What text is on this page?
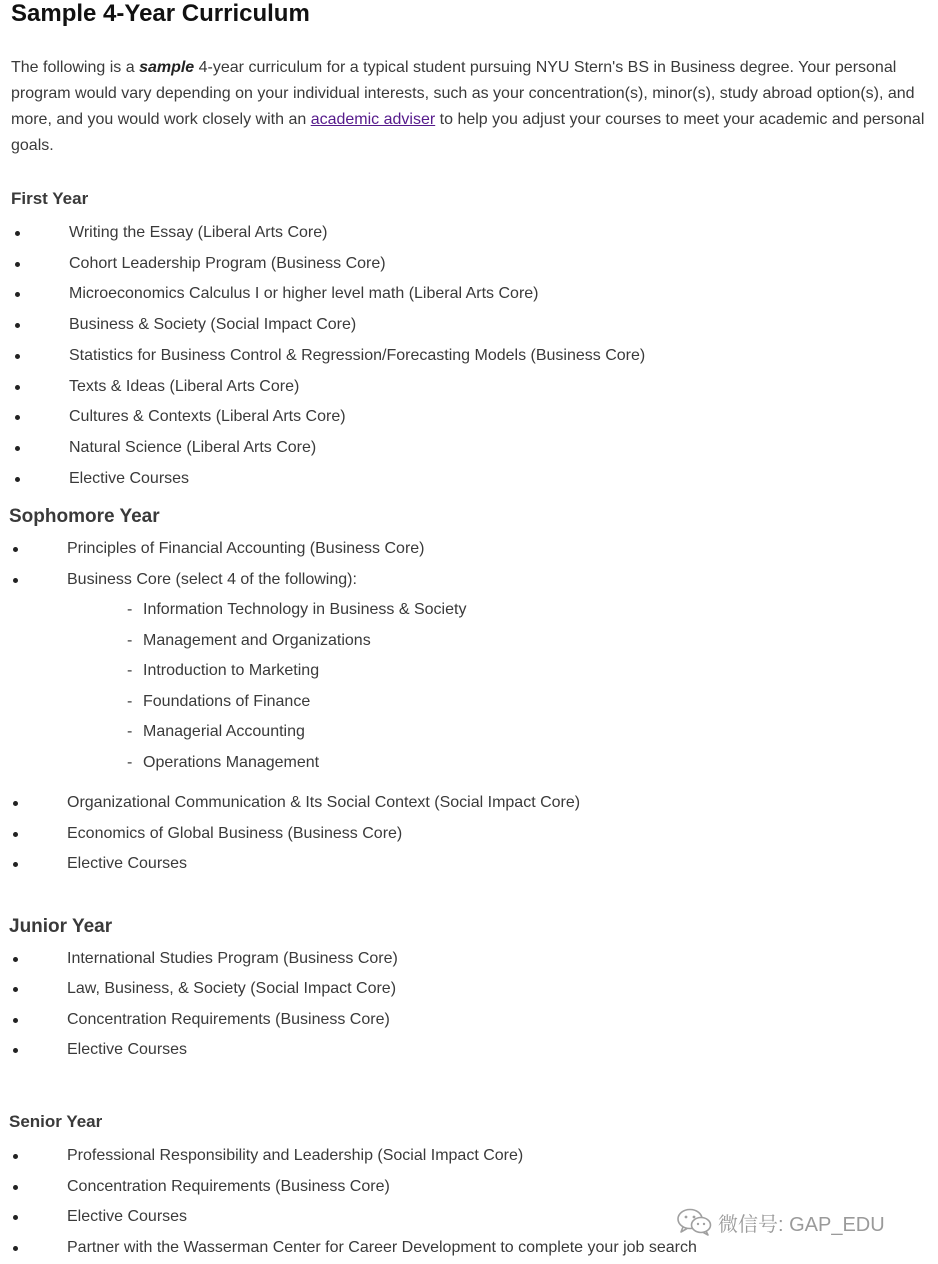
Sample 4-Year Curriculum

The following is a sample 4-year curriculum for a typical student pursuing NYU Stern's BS in Business degree. Your personal program would vary depending on your individual interests, such as your concentration(s), minor(s), study abroad option(s), and more, and you would work closely with an academic adviser to help you adjust your courses to meet your academic and personal goals.

First Year
Writing the Essay (Liberal Arts Core)
Cohort Leadership Program (Business Core)
Microeconomics Calculus I or higher level math (Liberal Arts Core)
Business & Society (Social Impact Core)
Statistics for Business Control & Regression/Forecasting Models (Business Core)
Texts & Ideas (Liberal Arts Core)
Cultures & Contexts (Liberal Arts Core)
Natural Science (Liberal Arts Core)
Elective Courses
Sophomore Year
Principles of Financial Accounting (Business Core)
Business Core (select 4 of the following):
- Information Technology in Business & Society
- Management and Organizations
- Introduction to Marketing
- Foundations of Finance
- Managerial Accounting
- Operations Management
Organizational Communication & Its Social Context (Social Impact Core)
Economics of Global Business (Business Core)
Elective Courses
Junior Year
International Studies Program (Business Core)
Law, Business, & Society (Social Impact Core)
Concentration Requirements (Business Core)
Elective Courses
Senior Year
Professional Responsibility and Leadership (Social Impact Core)
Concentration Requirements (Business Core)
Elective Courses
Partner with the Wasserman Center for Career Development to complete your job search
微信号: GAP_EDU
